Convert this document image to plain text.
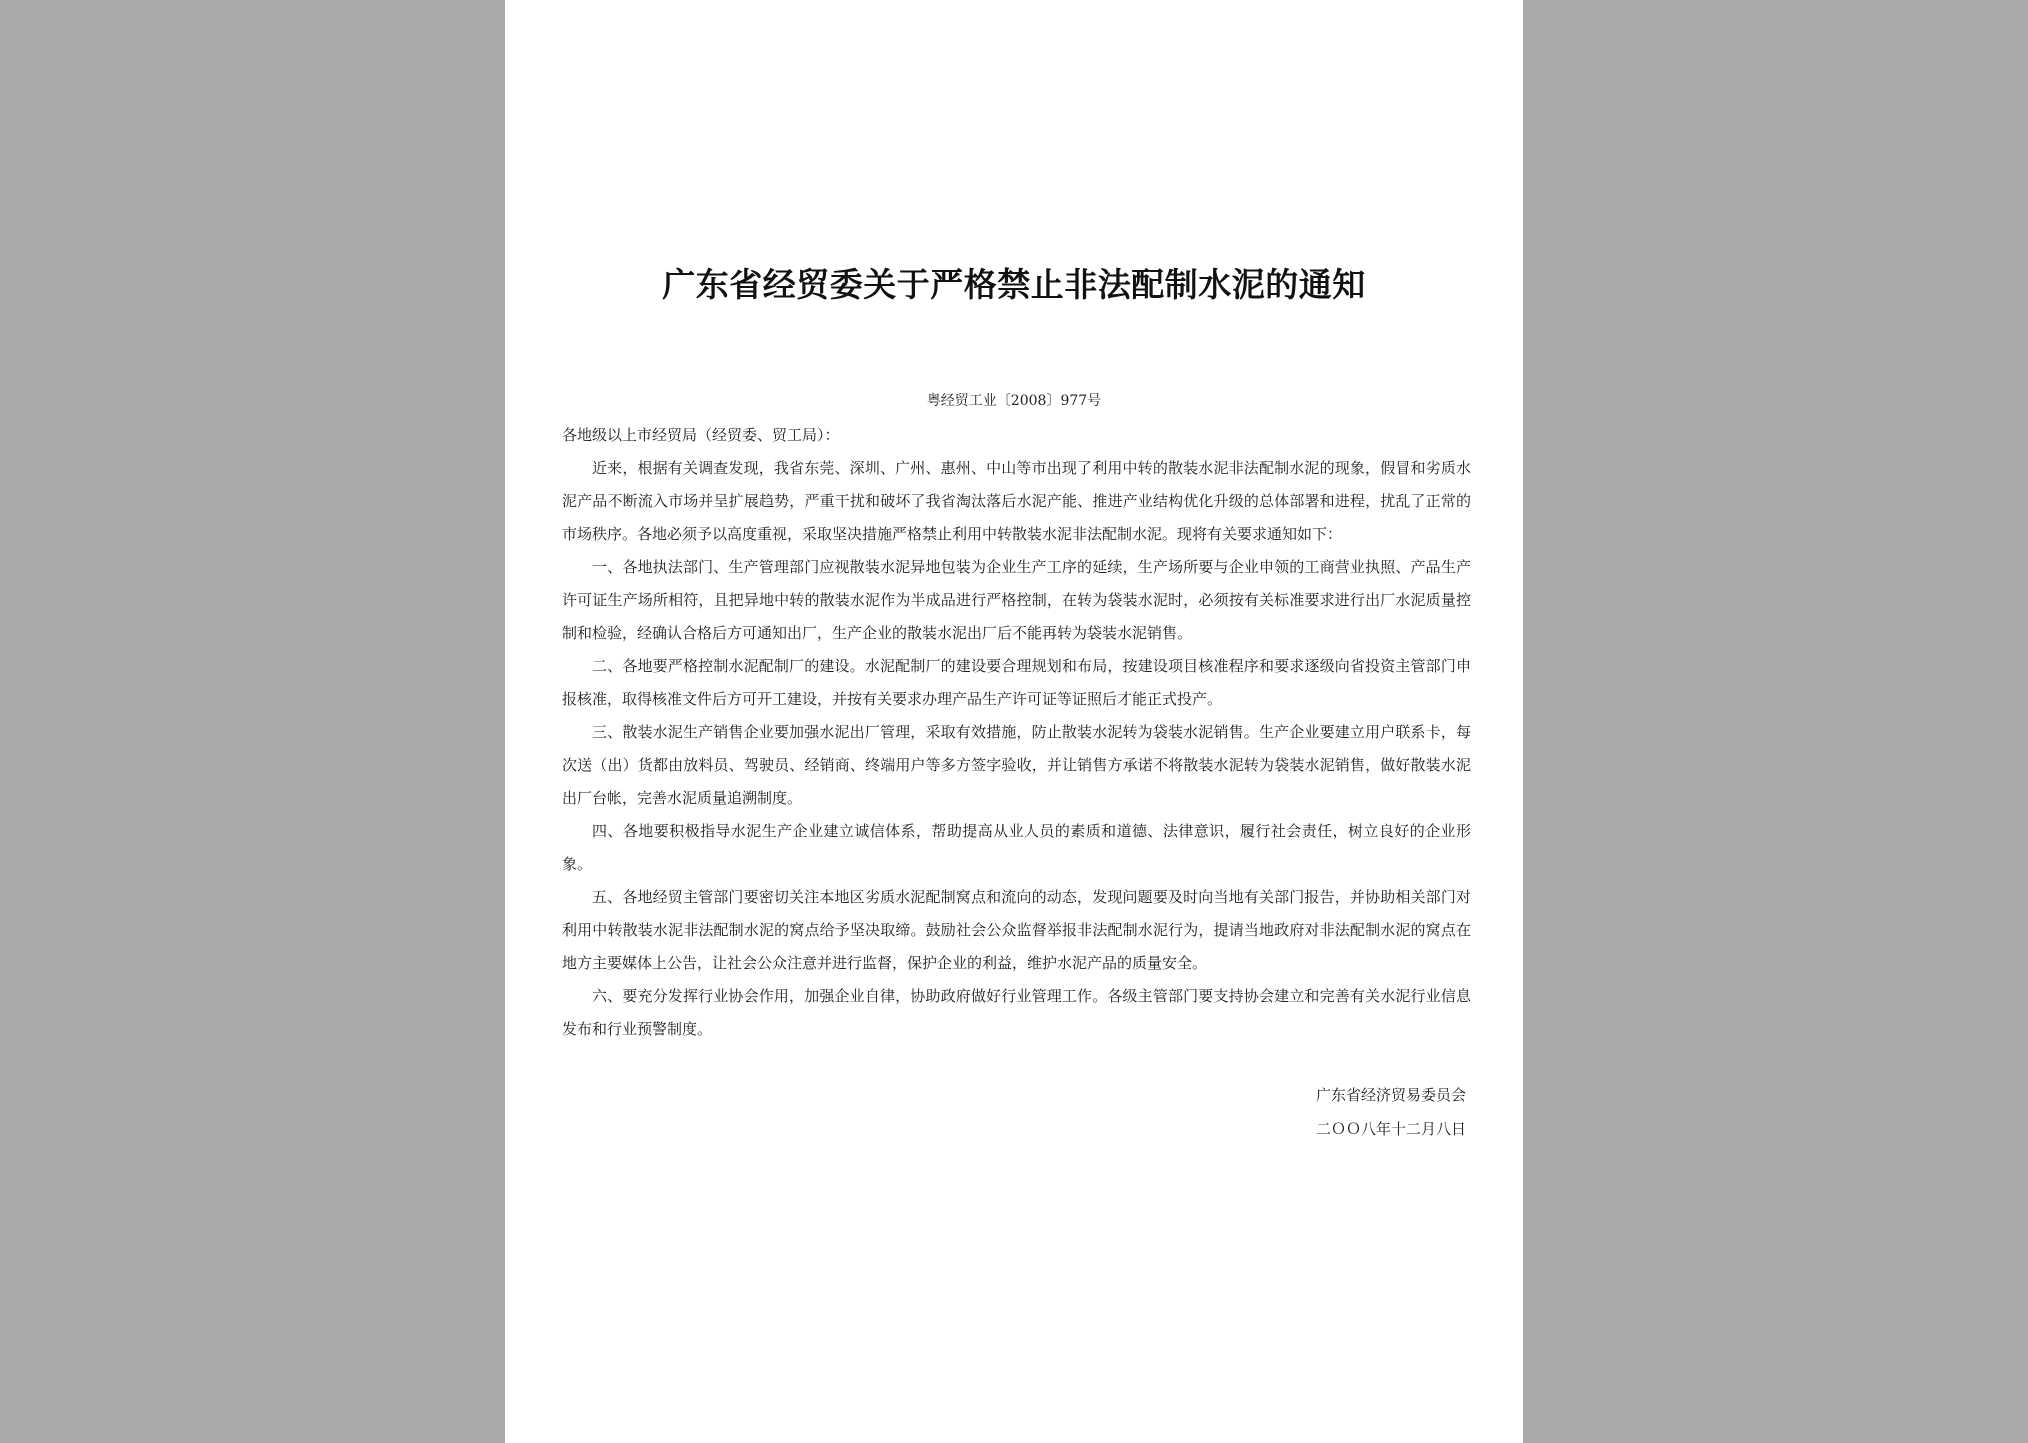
广东省经贸委关于严格禁止非法配制水泥的通知
粤经贸工业〔2008〕977号

各地级以上市经贸局（经贸委、贸工局）：

近来，根据有关调查发现，我省东莞、深圳、广州、惠州、中山等市出现了利用中转的散装水泥非法配制水泥的现象，假冒和劣质水泥产品不断流入市场并呈扩展趋势，严重干扰和破坏了我省淘汰落后水泥产能、推进产业结构优化升级的总体部署和进程，扰乱了正常的市场秩序。各地必须予以高度重视，采取坚决措施严格禁止利用中转散装水泥非法配制水泥。现将有关要求通知如下：

一、各地执法部门、生产管理部门应视散装水泥异地包装为企业生产工序的延续，生产场所要与企业申领的工商营业执照、产品生产许可证生产场所相符，且把异地中转的散装水泥作为半成品进行严格控制，在转为袋装水泥时，必须按有关标准要求进行出厂水泥质量控制和检验，经确认合格后方可通知出厂，生产企业的散装水泥出厂后不能再转为袋装水泥销售。

二、各地要严格控制水泥配制厂的建设。水泥配制厂的建设要合理规划和布局，按建设项目核准程序和要求逐级向省投资主管部门申报核准，取得核准文件后方可开工建设，并按有关要求办理产品生产许可证等证照后才能正式投产。

三、散装水泥生产销售企业要加强水泥出厂管理，采取有效措施，防止散装水泥转为袋装水泥销售。生产企业要建立用户联系卡，每次送（出）货都由放料员、驾驶员、经销商、终端用户等多方签字验收，并让销售方承诺不将散装水泥转为袋装水泥销售，做好散装水泥出厂台帐，完善水泥质量追溯制度。

四、各地要积极指导水泥生产企业建立诚信体系，帮助提高从业人员的素质和道德、法律意识，履行社会责任，树立良好的企业形象。

五、各地经贸主管部门要密切关注本地区劣质水泥配制窝点和流向的动态，发现问题要及时向当地有关部门报告，并协助相关部门对利用中转散装水泥非法配制水泥的窝点给予坚决取缔。鼓励社会公众监督举报非法配制水泥行为，提请当地政府对非法配制水泥的窝点在地方主要媒体上公告，让社会公众注意并进行监督，保护企业的利益，维护水泥产品的质量安全。

六、要充分发挥行业协会作用，加强企业自律，协助政府做好行业管理工作。各级主管部门要支持协会建立和完善有关水泥行业信息发布和行业预警制度。

广东省经济贸易委员会
二ＯＯ八年十二月八日
